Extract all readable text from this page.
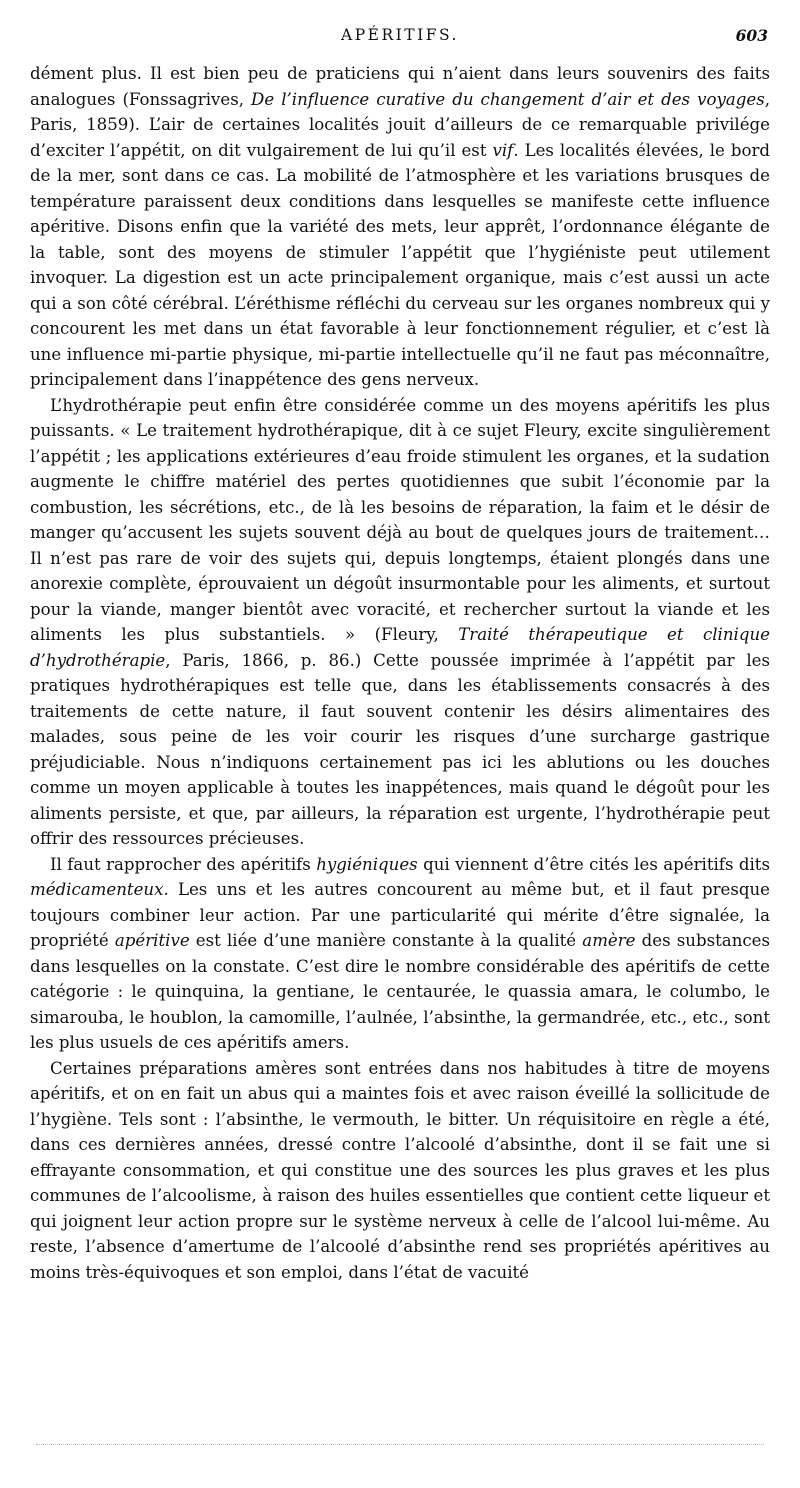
APÉRITIFS.	603

dément plus. Il est bien peu de praticiens qui n’aient dans leurs souvenirs des faits analogues (Fonssagrives, De l’influence curative du changement d’air et des voyages, Paris, 1859). L’air de certaines localités jouit d’ailleurs de ce remarquable privilége d’exciter l’appétit, on dit vulgairement de lui qu’il est vif. Les localités élevées, le bord de la mer, sont dans ce cas. La mobilité de l’atmosphère et les variations brusques de température paraissent deux conditions dans lesquelles se manifeste cette influence apéritive. Disons enfin que la variété des mets, leur apprêt, l’ordonnance élégante de la table, sont des moyens de stimuler l’appétit que l’hygiéniste peut utilement invoquer. La digestion est un acte principalement organique, mais c’est aussi un acte qui a son côté cérébral. L’éréthisme réfléchi du cerveau sur les organes nombreux qui y concourent les met dans un état favorable à leur fonctionnement régulier, et c’est là une influence mi-partie physique, mi-partie intellectuelle qu’il ne faut pas méconnaître, principalement dans l’inappétence des gens nerveux.

L’hydrothérapie peut enfin être considérée comme un des moyens apéritifs les plus puissants. « Le traitement hydrothérapique, dit à ce sujet Fleury, excite singulièrement l’appétit ; les applications extérieures d’eau froide stimulent les organes, et la sudation augmente le chiffre matériel des pertes quotidiennes que subit l’économie par la combustion, les sécrétions, etc., de là les besoins de réparation, la faim et le désir de manger qu’accusent les sujets souvent déjà au bout de quelques jours de traitement… Il n’est pas rare de voir des sujets qui, depuis longtemps, étaient plongés dans une anorexie complète, éprouvaient un dégoût insurmontable pour les aliments, et surtout pour la viande, manger bientôt avec voracité, et rechercher surtout la viande et les aliments les plus substantiels. » (Fleury, Traité thérapeutique et clinique d’hydrothérapie, Paris, 1866, p. 86.) Cette poussée imprimée à l’appétit par les pratiques hydrothérapiques est telle que, dans les établissements consacrés à des traitements de cette nature, il faut souvent contenir les désirs alimentaires des malades, sous peine de les voir courir les risques d’une surcharge gastrique préjudiciable. Nous n’indiquons certainement pas ici les ablutions ou les douches comme un moyen applicable à toutes les inappétences, mais quand le dégoût pour les aliments persiste, et que, par ailleurs, la réparation est urgente, l’hydrothérapie peut offrir des ressources précieuses.

Il faut rapprocher des apéritifs hygiéniques qui viennent d’être cités les apéritifs dits médicamenteux. Les uns et les autres concourent au même but, et il faut presque toujours combiner leur action. Par une particularité qui mérite d’être signalée, la propriété apéritive est liée d’une manière constante à la qualité amère des substances dans lesquelles on la constate. C’est dire le nombre considérable des apéritifs de cette catégorie : le quinquina, la gentiane, le centaurée, le quassia amara, le columbo, le simarouba, le houblon, la camomille, l’aulnée, l’absinthe, la germandrée, etc., etc., sont les plus usuels de ces apéritifs amers.

Certaines préparations amères sont entrées dans nos habitudes à titre de moyens apéritifs, et on en fait un abus qui a maintes fois et avec raison éveillé la sollicitude de l’hygiène. Tels sont : l’absinthe, le vermouth, le bitter. Un réquisitoire en règle a été, dans ces dernières années, dressé contre l’alcoolé d’absinthe, dont il se fait une si effrayante consommation, et qui constitue une des sources les plus graves et les plus communes de l’alcoolisme, à raison des huiles essentielles que contient cette liqueur et qui joignent leur action propre sur le système nerveux à celle de l’alcool lui-même. Au reste, l’absence d’amertume de l’alcoolé d’absinthe rend ses propriétés apéritives au moins très-équivoques et son emploi, dans l’état de vacuité
